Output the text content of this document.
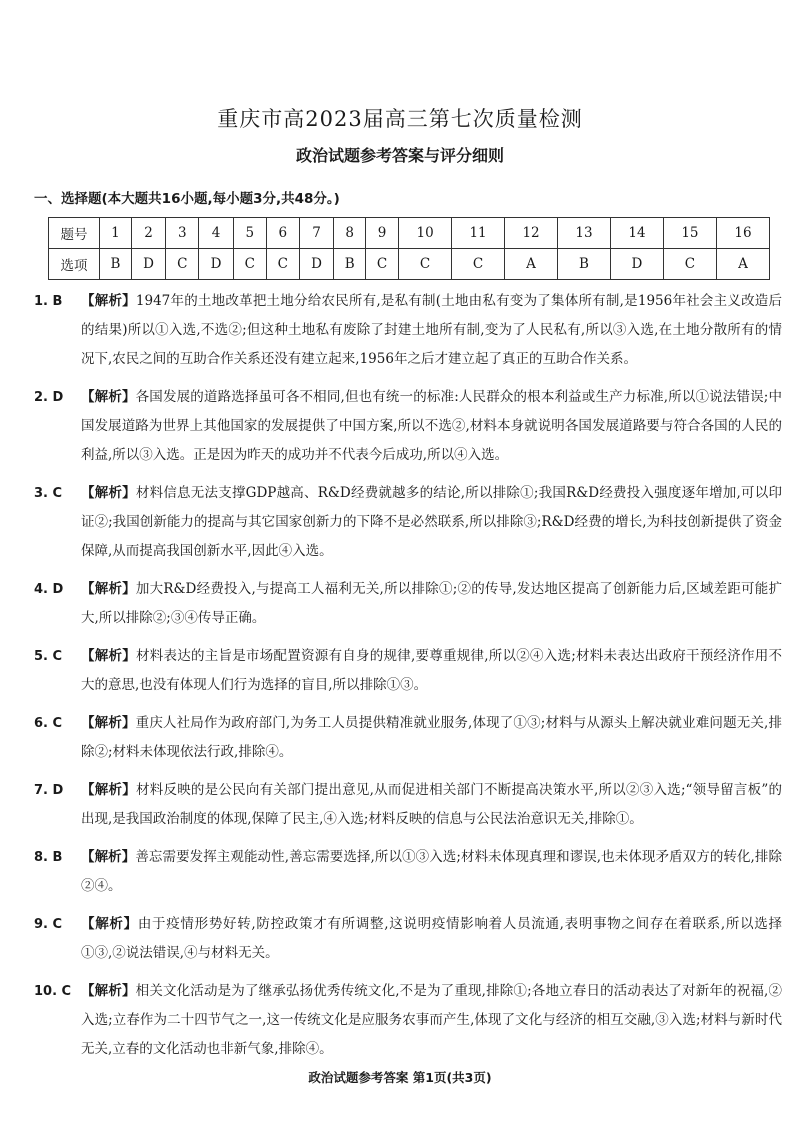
重庆市高2023届高三第七次质量检测
政治试题参考答案与评分细则
一、选择题(本大题共16小题,每小题3分,共48分。)
题号	1	2	3	4	5	6	7	8	9	10	11	12	13	14	15	16
选项	B	D	C	D	C	C	D	B	C	C	C	A	B	D	C	A
1. B 【解析】1947年的土地改革把土地分给农民所有,是私有制(土地由私有变为了集体所有制,是1956年社会主义改造后的结果)所以①入选,不选②;但这种土地私有废除了封建土地所有制,变为了人民私有,所以③入选,在土地分散所有的情况下,农民之间的互助合作关系还没有建立起来,1956年之后才建立起了真正的互助合作关系。
2. D 【解析】各国发展的道路选择虽可各不相同,但也有统一的标准:人民群众的根本利益或生产力标准,所以①说法错误;中国发展道路为世界上其他国家的发展提供了中国方案,所以不选②,材料本身就说明各国发展道路要与符合各国的人民的利益,所以③入选。正是因为昨天的成功并不代表今后成功,所以④入选。
3. C 【解析】材料信息无法支撑GDP越高、R&D经费就越多的结论,所以排除①;我国R&D经费投入强度逐年增加,可以印证②;我国创新能力的提高与其它国家创新力的下降不是必然联系,所以排除③;R&D经费的增长,为科技创新提供了资金保障,从而提高我国创新水平,因此④入选。
4. D 【解析】加大R&D经费投入,与提高工人福利无关,所以排除①;②的传导,发达地区提高了创新能力后,区域差距可能扩大,所以排除②;③④传导正确。
5. C 【解析】材料表达的主旨是市场配置资源有自身的规律,要尊重规律,所以②④入选;材料未表达出政府干预经济作用不大的意思,也没有体现人们行为选择的盲目,所以排除①③。
6. C 【解析】重庆人社局作为政府部门,为务工人员提供精准就业服务,体现了①③;材料与从源头上解决就业难问题无关,排除②;材料未体现依法行政,排除④。
7. D 【解析】材料反映的是公民向有关部门提出意见,从而促进相关部门不断提高决策水平,所以②③入选;“领导留言板”的出现,是我国政治制度的体现,保障了民主,④入选;材料反映的信息与公民法治意识无关,排除①。
8. B 【解析】善忘需要发挥主观能动性,善忘需要选择,所以①③入选;材料未体现真理和谬误,也未体现矛盾双方的转化,排除②④。
9. C 【解析】由于疫情形势好转,防控政策才有所调整,这说明疫情影响着人员流通,表明事物之间存在着联系,所以选择①③,②说法错误,④与材料无关。
10. C 【解析】相关文化活动是为了继承弘扬优秀传统文化,不是为了重现,排除①;各地立春日的活动表达了对新年的祝福,②入选;立春作为二十四节气之一,这一传统文化是应服务农事而产生,体现了文化与经济的相互交融,③入选;材料与新时代无关,立春的文化活动也非新气象,排除④。
政治试题参考答案 第1页(共3页)
